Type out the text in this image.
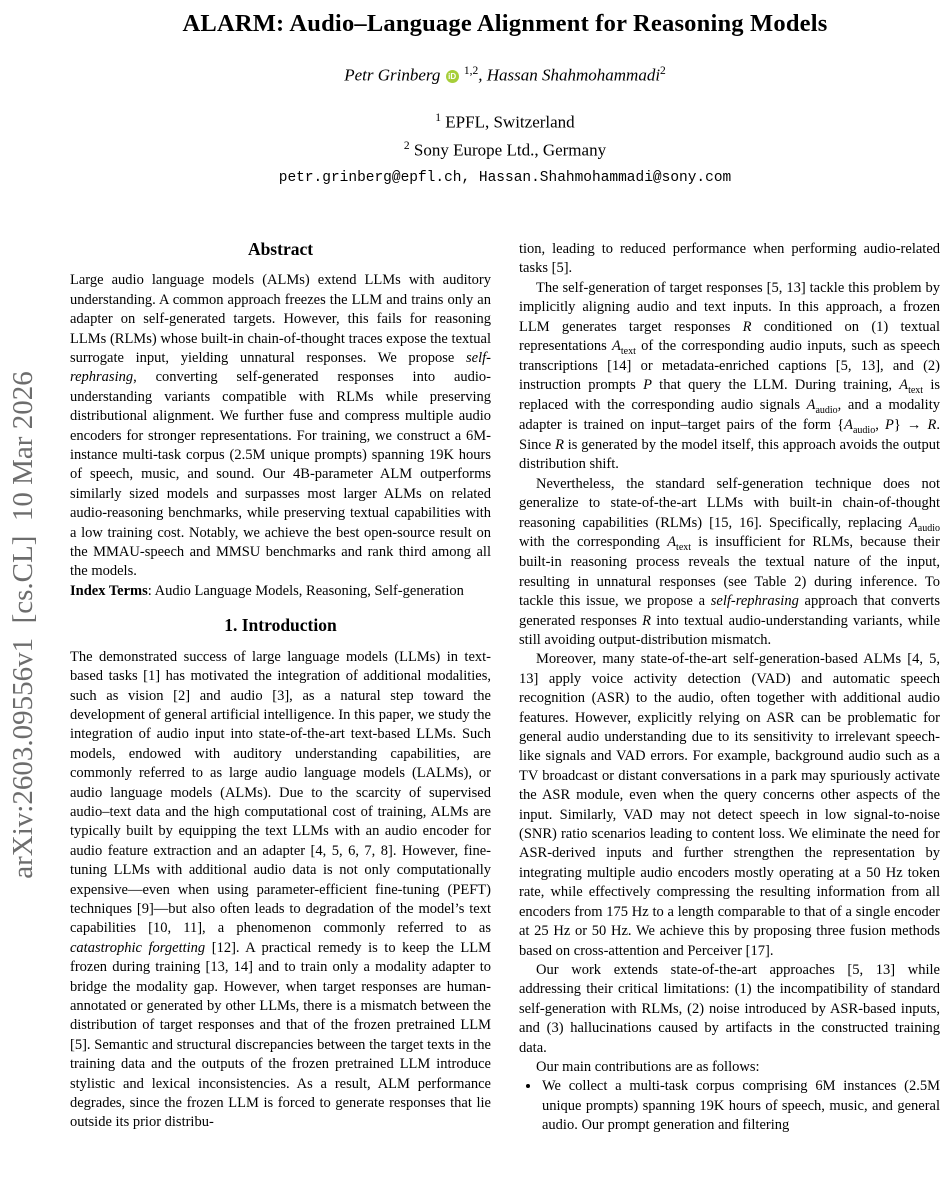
arXiv:2603.09556v1  [cs.CL]  10 Mar 2026
ALARM: Audio–Language Alignment for Reasoning Models
Petr Grinberg iD $^{1,2}$, Hassan Shahmohammadi$^2$
$^1$ EPFL, Switzerland
$^2$ Sony Europe Ltd., Germany
petr.grinberg@epfl.ch, Hassan.Shahmohammadi@sony.com
Abstract

Large audio language models (ALMs) extend LLMs with auditory understanding. A common approach freezes the LLM and trains only an adapter on self-generated targets. However, this fails for reasoning LLMs (RLMs) whose built-in chain-of-thought traces expose the textual surrogate input, yielding unnatural responses. We propose self-rephrasing, converting self-generated responses into audio-understanding variants compatible with RLMs while preserving distributional alignment. We further fuse and compress multiple audio encoders for stronger representations. For training, we construct a 6M-instance multi-task corpus (2.5M unique prompts) spanning 19K hours of speech, music, and sound. Our 4B-parameter ALM outperforms similarly sized models and surpasses most larger ALMs on related audio-reasoning benchmarks, while preserving textual capabilities with a low training cost. Notably, we achieve the best open-source result on the MMAU-speech and MMSU benchmarks and rank third among all the models.

Index Terms: Audio Language Models, Reasoning, Self-generation

1. Introduction

The demonstrated success of large language models (LLMs) in text-based tasks [1] has motivated the integration of additional modalities, such as vision [2] and audio [3], as a natural step toward the development of general artificial intelligence. In this paper, we study the integration of audio input into state-of-the-art text-based LLMs. Such models, endowed with auditory understanding capabilities, are commonly referred to as large audio language models (LALMs), or audio language models (ALMs). Due to the scarcity of supervised audio–text data and the high computational cost of training, ALMs are typically built by equipping the text LLMs with an audio encoder for audio feature extraction and an adapter [4, 5, 6, 7, 8]. However, fine-tuning LLMs with additional audio data is not only computationally expensive—even when using parameter-efficient fine-tuning (PEFT) techniques [9]—but also often leads to degradation of the model’s text capabilities [10, 11], a phenomenon commonly referred to as catastrophic forgetting [12]. A practical remedy is to keep the LLM frozen during training [13, 14] and to train only a modality adapter to bridge the modality gap. However, when target responses are human-annotated or generated by other LLMs, there is a mismatch between the distribution of target responses and that of the frozen pretrained LLM [5]. Semantic and structural discrepancies between the target texts in the training data and the outputs of the frozen pretrained LLM introduce stylistic and lexical inconsistencies. As a result, ALM performance degrades, since the frozen LLM is forced to generate responses that lie outside its prior distribu-

tion, leading to reduced performance when performing audio-related tasks [5].

The self-generation of target responses [5, 13] tackle this problem by implicitly aligning audio and text inputs. In this approach, a frozen LLM generates target responses R conditioned on (1) textual representations $A_{text}$ of the corresponding audio inputs, such as speech transcriptions [14] or metadata-enriched captions [5, 13], and (2) instruction prompts P that query the LLM. During training, $A_{text}$ is replaced with the corresponding audio signals $A_{audio}$, and a modality adapter is trained on input–target pairs of the form {$A_{audio}$, P} → R. Since R is generated by the model itself, this approach avoids the output distribution shift.

Nevertheless, the standard self-generation technique does not generalize to state-of-the-art LLMs with built-in chain-of-thought reasoning capabilities (RLMs) [15, 16]. Specifically, replacing $A_{audio}$ with the corresponding $A_{text}$ is insufficient for RLMs, because their built-in reasoning process reveals the textual nature of the input, resulting in unnatural responses (see Table 2) during inference. To tackle this issue, we propose a self-rephrasing approach that converts generated responses R into textual audio-understanding variants, while still avoiding output-distribution mismatch.

Moreover, many state-of-the-art self-generation-based ALMs [4, 5, 13] apply voice activity detection (VAD) and automatic speech recognition (ASR) to the audio, often together with additional audio features. However, explicitly relying on ASR can be problematic for general audio understanding due to its sensitivity to irrelevant speech-like signals and VAD errors. For example, background audio such as a TV broadcast or distant conversations in a park may spuriously activate the ASR module, even when the query concerns other aspects of the input. Similarly, VAD may not detect speech in low signal-to-noise (SNR) ratio scenarios leading to content loss. We eliminate the need for ASR-derived inputs and further strengthen the representation by integrating multiple audio encoders mostly operating at a 50 Hz token rate, while effectively compressing the resulting information from all encoders from 175 Hz to a length comparable to that of a single encoder at 25 Hz or 50 Hz. We achieve this by proposing three fusion methods based on cross-attention and Perceiver [17].

Our work extends state-of-the-art approaches [5, 13] while addressing their critical limitations: (1) the incompatibility of standard self-generation with RLMs, (2) noise introduced by ASR-based inputs, and (3) hallucinations caused by artifacts in the constructed training data.

Our main contributions are as follows:

• We collect a multi-task corpus comprising 6M instances (2.5M unique prompts) spanning 19K hours of speech, music, and general audio. Our prompt generation and filtering
